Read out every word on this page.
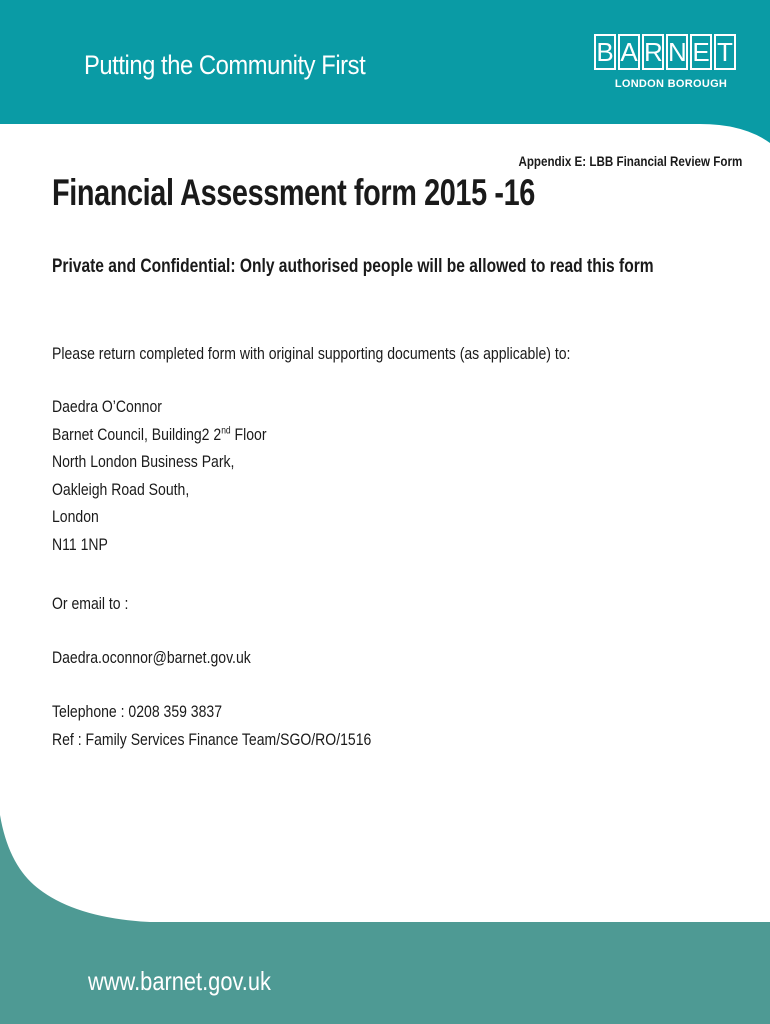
Putting the Community First	B A R N E T
LONDON BOROUGH
Appendix E: LBB Financial Review Form
Financial Assessment form 2015 -16
Private and Confidential: Only authorised people will be allowed to read this form
Please return completed form with original supporting documents (as applicable) to:
Daedra O’Connor
Barnet Council, Building2 2nd Floor
North London Business Park,
Oakleigh Road South,
London
N11 1NP
Or email to :
Daedra.oconnor@barnet.gov.uk
Telephone : 0208 359 3837
Ref : Family Services Finance Team/SGO/RO/1516
www.barnet.gov.uk
